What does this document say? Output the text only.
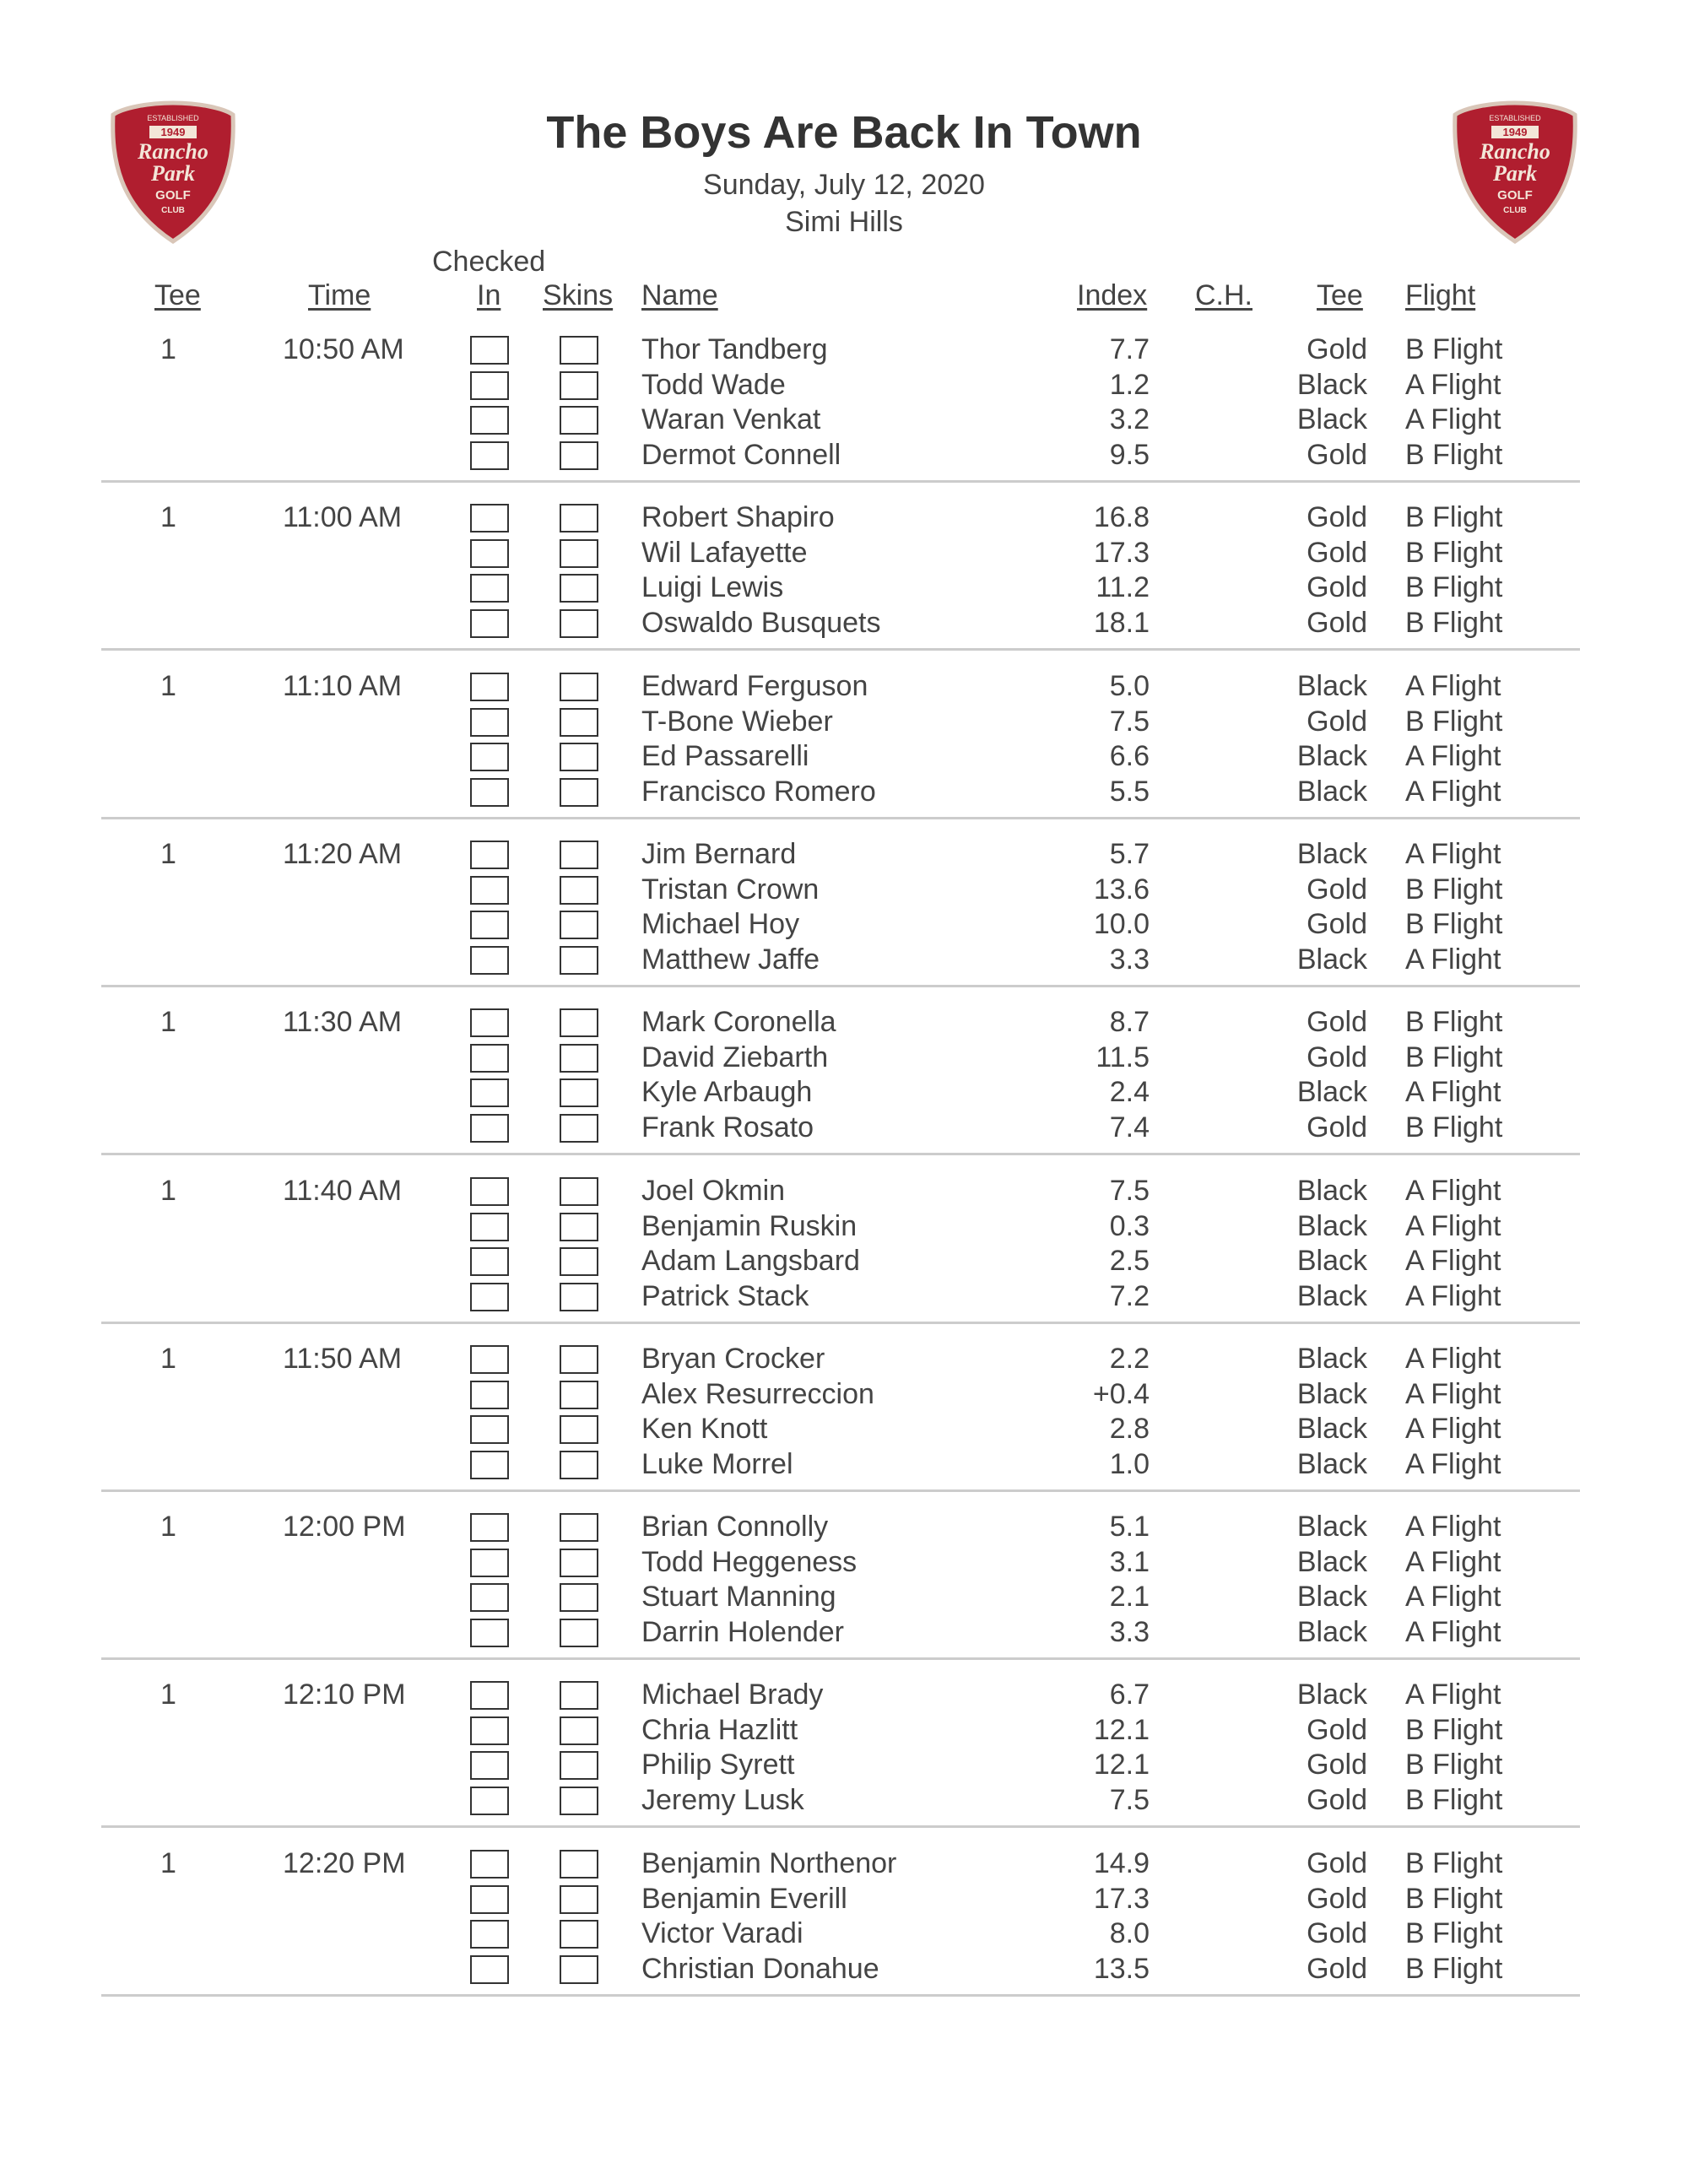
ESTABLISHED
1949
Rancho
Park
GOLF
CLUB
ESTABLISHED
1949
Rancho
Park
GOLF
CLUB
The Boys Are Back In Town
Sunday, July 12, 2020
Simi Hills
Tee	Time
Checked
In Skins Name	Index C.H. Tee Flight
1	10:50 AM	Thor Tandberg	7.7	Gold B Flight
Todd Wade	1.2	Black A Flight
Waran Venkat	3.2	Black A Flight
Dermot Connell	9.5	Gold B Flight
1	11:00 AM	Robert Shapiro	16.8	Gold B Flight
Wil Lafayette	17.3	Gold B Flight
Luigi Lewis	11.2	Gold B Flight
Oswaldo Busquets	18.1	Gold B Flight
1	11:10 AM	Edward Ferguson	5.0	Black A Flight
T-Bone Wieber	7.5	Gold B Flight
Ed Passarelli	6.6	Black A Flight
Francisco Romero	5.5	Black A Flight
1	11:20 AM	Jim Bernard	5.7	Black A Flight
Tristan Crown	13.6	Gold B Flight
Michael Hoy	10.0	Gold B Flight
Matthew Jaffe	3.3	Black A Flight
1	11:30 AM	Mark Coronella	8.7	Gold B Flight
David Ziebarth	11.5	Gold B Flight
Kyle Arbaugh	2.4	Black A Flight
Frank Rosato	7.4	Gold B Flight
1	11:40 AM	Joel Okmin	7.5	Black A Flight
Benjamin Ruskin	0.3	Black A Flight
Adam Langsbard	2.5	Black A Flight
Patrick Stack	7.2	Black A Flight
1	11:50 AM	Bryan Crocker	2.2	Black A Flight
Alex Resurreccion	+0.4	Black A Flight
Ken Knott	2.8	Black A Flight
Luke Morrel	1.0	Black A Flight
1	12:00 PM	Brian Connolly	5.1	Black A Flight
Todd Heggeness	3.1	Black A Flight
Stuart Manning	2.1	Black A Flight
Darrin Holender	3.3	Black A Flight
1	12:10 PM	Michael Brady	6.7	Black A Flight
Chria Hazlitt	12.1	Gold B Flight
Philip Syrett	12.1	Gold B Flight
Jeremy Lusk	7.5	Gold B Flight
1	12:20 PM	Benjamin Northenor	14.9	Gold B Flight
Benjamin Everill	17.3	Gold B Flight
Victor Varadi	8.0	Gold B Flight
Christian Donahue	13.5	Gold B Flight
